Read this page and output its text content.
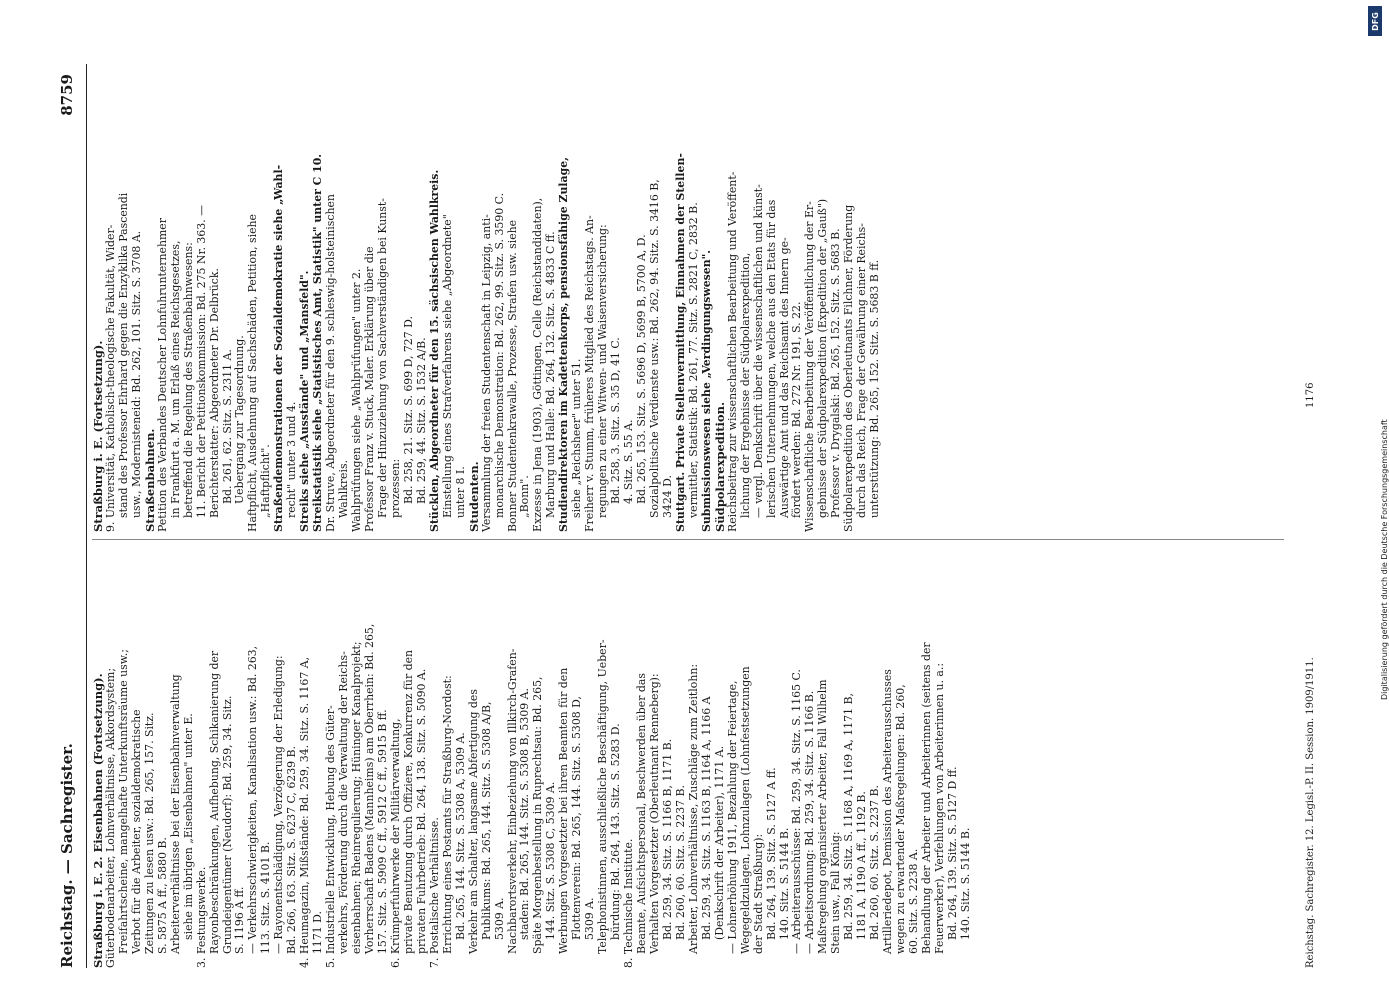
Reichstag. — Sachregister.
8759
Straßburg i. E. 2. Eisenbahnen (Fortsetzung).
Güterbodenarbeiter, Lohnverhältnisse, Akkordsystem; Freifahrtscheine, mangelhafte Unterkunftsräume usw.; Verbot für die Arbeiter, sozialdemokratische Zeitungen zu lesen usw.: Bd. 265, 157. Sitz. S. 5875 A ff., 5880 B. Arbeiterverhältnisse bei der Eisenbahnverwaltung siehe im übrigen „Eisenbahnen" unter E. 3. Festungswerke. Rayonbeschränkungen, Aufhebung, Schikanierung der Grundeigentümer (Neudorf): Bd. 259, 34. Sitz. S. 1196 A ff. — Verkehrsschwierigkeiten, Kanalisation usw.: Bd. 263, 113. Sitz. S. 4101 B. — Rayonentschädigung, Verzögerung der Erledigung: Bd. 266, 163. Sitz. S. 6237 C, 6239 B. 4. Heumagazin, Mißstände: Bd. 259, 34. Sitz. S. 1167 A, 1171 D. 5. Industrielle Entwicklung, Hebung des Güter- verkehrs, Förderung durch die Verwaltung der Reichs- eisenbahnen; Rheinregulierung; Hüninger Kanalprojekt; Vorherrschaft Badens (Mannheims) am Oberrhein: Bd. 265, 157. Sitz. S. 5909 C ff., 5912 C ff., 5915 B ff. 6. Krümperfuhrwerke der Militärverwaltung, private Benutzung durch Offiziere, Konkurrenz für den privaten Fuhrbetrieb: Bd. 264, 138. Sitz. S. 5090 A. 7. Postalische Verhältnisse. Errichtung eines Postamts für Straßburg-Nordost: Bd. 265, 144. Sitz. S. 5308 A, 5309 A. Verkehr am Schalter, langsame Abfertigung des Publikums: Bd. 265, 144. Sitz. S. 5308 A/B, 5309 A. Nachbarortsverkehr, Einbeziehung von Illkirch-Grafen- staden: Bd. 265, 144. Sitz. S. 5308 B, 5309 A. Späte Morgenbestellung in Ruprechtsau: Bd. 265, 144. Sitz. S. 5308 C, 5309 A. Werbungen Vorgesetzter bei ihren Beamten für den Flottenverein: Bd. 265, 144. Sitz. S. 5308 D, 5309 A. Telephonistinnen, ausschließliche Beschäftigung, Ueber- bürdung: Bd. 264, 143. Sitz. S. 5283 D. 8. Technische Institute. Beamte, Aufsichtspersonal, Beschwerden über das Verhalten Vorgesetzter (Oberleutnant Renneberg): Bd. 259, 34. Sitz. S. 1166 B, 1171 B. Bd. 260, 60. Sitz. S. 2237 B. Arbeiter, Lohnverhältnisse, Zuschläge zum Zeitlohn: Bd. 259, 34. Sitz. S. 1163 B, 1164 A, 1166 A (Denkschrift der Arbeiter), 1171 A. — Lohnerhöhung 1911, Bezahlung der Feiertage, Wegegeldzulagen, Lohnzulagen (Lohnfestsetzungen der Stadt Straßburg): Bd. 264, 139. Sitz. S. 5127 A ff. 140. Sitz. S. 5144 B. — Arbeiterausschüsse: Bd. 259, 34. Sitz. S. 1165 C. — Arbeitsordnung: Bd. 259, 34. Sitz. S. 1166 B. Maßregelung organisierter Arbeiter, Fall Wilhelm Stein usw., Fall König: Bd. 259, 34. Sitz. S. 1168 A, 1169 A, 1171 B, 1181 A, 1190 A ff., 1192 B. Bd. 260, 60. Sitz. S. 2237 B. Artilleriedepot, Demission des Arbeiterausschusses wegen zu erwartender Maßregelungen: Bd. 260, 60. Sitz. S. 2238 A. Behandlung der Arbeiter und Arbeiterinnen (seitens der Feuerwerker), Verfehlungen von Arbeiterinnen u. a.: Bd. 264, 139. Sitz. S. 5127 D ff. 140. Sitz. S. 5144 B.
Straßburg i. E. (Fortsetzung).
9. Universität, Katholisch-theologische Fakultät, Wider- stand des Professor Ehrhard gegen die Enzyklika Pascendi usw., Modernisteneid: Bd. 262, 101. Sitz. S. 3708 A. Straßenbahnen.
Petition des Verbandes Deutscher Lohnfuhrunternehmer in Frankfurt a. M. um Erlaß eines Reichsgesetzes, betreffend die Regelung des Straßenbahnwesens: 11. Bericht der Petitionskommission: Bd. 275 Nr. 363. — Berichterstatter: Abgeordneter Dr. Delbrück. Bd. 261, 62. Sitz. S. 2311 A. Uebergang zur Tagesordnung. Haftpflicht, Ausdehnung auf Sachschäden, Petition, siehe „Haftpflicht". Straßendemonstrationen der Sozialdemokratie siehe „Wahl- recht" unter 3 und 4. Streiks siehe „Ausstände" und „Mansfeld". Streikstatistik siehe „Statistisches Amt, Statistik" unter C 10. Dr. Struve, Abgeordneter für den 9. schleswig-holsteinischen Wahlkreis. Wahlprüfungen siehe „Wahlprüfungen" unter 2. Professor Franz v. Stuck, Maler. Erklärung über die Frage der Hinzuziehung von Sachverständigen bei Kunst- prozessen: Bd. 258, 21. Sitz. S. 699 D, 727 D. Bd. 259, 44. Sitz. S. 1532 A/B. Stücklen, Abgeordneter für den 15. sächsischen Wahlkreis. Einstellung eines Strafverfahrens siehe „Abgeordnete" unter 8 I. Studenten.
Versammlung der freien Studentenschaft in Leipzig, anti- monarchische Demonstration: Bd. 262, 99. Sitz. S. 3590 C. Bonner Studentenkrawalle, Prozesse, Strafen usw. siehe „Bonn". Exzesse in Jena (1903), Göttingen, Celle (Reichstandidaten), Marburg und Halle: Bd. 264, 132. Sitz. S. 4833 C ff. Studiendirektoren im Kadettenkorps, pensionsfähige Zulage, siehe „Reichsheer" unter 51. Freiherr v. Stumm, früheres Mitglied des Reichstags. An- regungen zu einer Witwen- und Waisenversicherung: Bd. 258, 3. Sitz. S. 35 D, 41 C. 4. Sitz. S. 55 A. Bd. 265, 153. Sitz. S. 5696 D, 5699 B, 5700 A, D. Sozialpolitische Verdienste usw.: Bd. 262, 94. Sitz. S. 3416 B, 3424 D. Stuttgart. Private Stellenvermittlung, Einnahmen der Stellen- vermittler, Statistik: Bd. 261, 77. Sitz. S. 2821 C, 2832 B. Submissionswesen siehe „Verdingungswesen". Südpolarexpedition.
Reichsbeitrag zur wissenschaftlichen Bearbeitung und Veröffent- lichung der Ergebnisse der Südpolarexpedition, — vergl. Denkschrift über die wissenschaftlichen und künst- lerischen Unternehmungen, welche aus den Etats für das Auswärtige Amt und das Reichsamt des Innern ge- fördert werden: Bd. 272 Nr. 191, S. 22. Wissenschaftliche Bearbeitung der Veröffentlichung der Er- gebnisse der Südpolarexpedition (Expedition der „Gauß") Professor v. Drygalski: Bd. 265, 152. Sitz. S. 5683 B. Südpolarexpedition des Oberleutnants Filchner, Förderung durch das Reich, Frage der Gewährung einer Reichs- unterstützung: Bd. 265, 152. Sitz. S. 5683 B ff.
Reichstag. Sachregister. 12. Legisl.-P. II. Session. 1909/1911.
1176
DFG
Digitalisierung gefördert durch die Deutsche Forschungsgemeinschaft
